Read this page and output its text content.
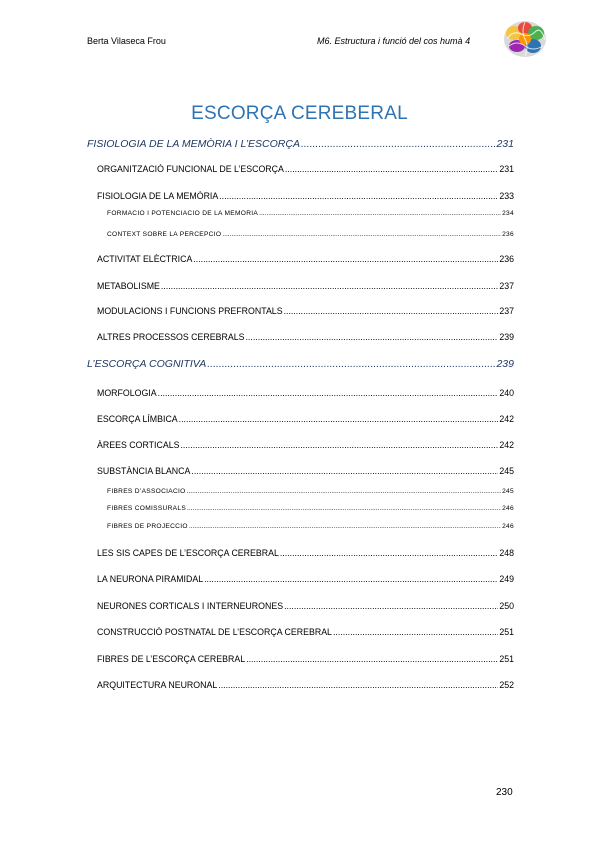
Berta Vilaseca Frou	M6. Estructura i funció del cos humà 4
ESCORÇA CEREBERAL
FISIOLOGIA DE LA MEMÒRIA I L’ESCORÇA .....	231
ORGANITZACIÓ FUNCIONAL DE L’ESCORÇA .....	231
FISIOLOGIA DE LA MEMÒRIA .....	233
FORMACIÓ I POTENCIACIÓ DE LA MEMÒRIA .....	234
CONTEXT SOBRE LA PERCEPCIÓ .....	236
ACTIVITAT ELÈCTRICA .....	236
METABOLISME .....	237
MODULACIONS I FUNCIONS PREFRONTALS .....	237
ALTRES PROCESSOS CEREBRALS .....	239
L’ESCORÇA COGNITIVA .....	239
MORFOLOGIA .....	240
ESCORÇA LÍMBICA .....	242
ÀREES CORTICALS .....	242
SUBSTÀNCIA BLANCA .....	245
FIBRES D’ASSOCIACIÓ .....	245
FIBRES COMISSURALS .....	246
FIBRES DE PROJECCIÓ .....	246
LES SIS CAPES DE L’ESCORÇA CEREBRAL .....	248
LA NEURONA PIRAMIDAL .....	249
NEURONES CORTICALS I INTERNEURONES .....	250
CONSTRUCCIÓ POSTNATAL DE L’ESCORÇA CEREBRAL .....	251
FIBRES DE L’ESCORÇA CEREBRAL .....	251
ARQUITECTURA NEURONAL .....	252
230
